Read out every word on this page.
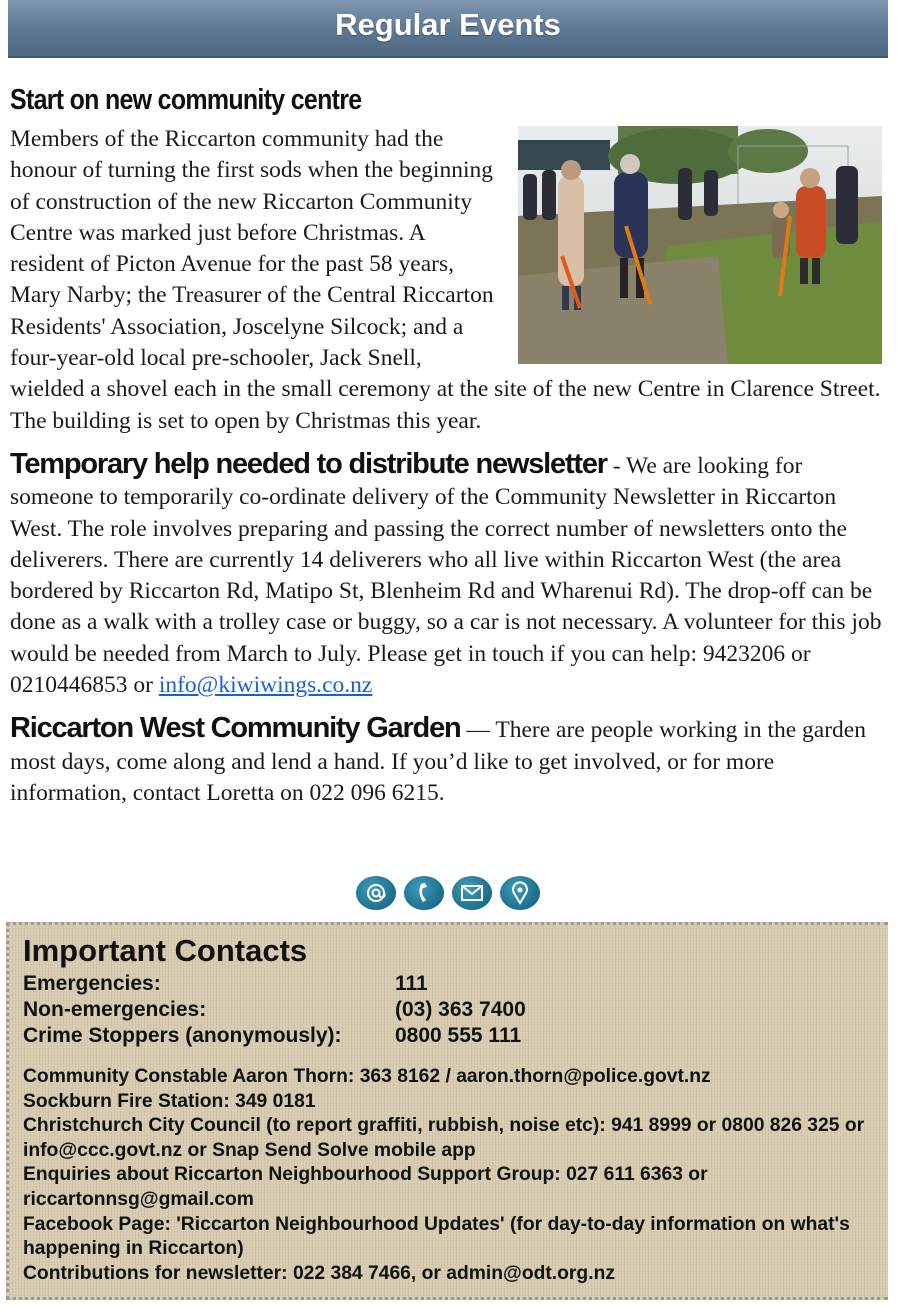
Regular Events
Start on new community centre

Members of the Riccarton community had the honour of turning the first sods when the beginning of construction of the new Riccarton Community Centre was marked just before Christmas. A resident of Picton Avenue for the past 58 years, Mary Narby; the Treasurer of the Central Riccarton Residents' Association, Joscelyne Silcock; and a four-year-old local pre-schooler, Jack Snell, wielded a shovel each in the small ceremony at the site of the new Centre in Clarence Street. The building is set to open by Christmas this year.

Temporary help needed to distribute newsletter - We are looking for someone to temporarily co-ordinate delivery of the Community Newsletter in Riccarton West. The role involves preparing and passing the correct number of newsletters onto the deliverers. There are currently 14 deliverers who all live within Riccarton West (the area bordered by Riccarton Rd, Matipo St, Blenheim Rd and Wharenui Rd). The drop-off can be done as a walk with a trolley case or buggy, so a car is not necessary. A volunteer for this job would be needed from March to July. Please get in touch if you can help: 9423206 or 0210446853 or info@kiwiwings.co.nz

Riccarton West Community Garden — There are people working in the garden most days, come along and lend a hand. If you’d like to get involved, or for more information, contact Loretta on 022 096 6215.

Important Contacts
Emergencies:	111
Non-emergencies:	(03) 363 7400
Crime Stoppers (anonymously):	0800 555 111
Community Constable Aaron Thorn: 363 8162 / aaron.thorn@police.govt.nz
Sockburn Fire Station: 349 0181
Christchurch City Council (to report graffiti, rubbish, noise etc): 941 8999 or 0800 826 325 or info@ccc.govt.nz or Snap Send Solve mobile app
Enquiries about Riccarton Neighbourhood Support Group: 027 611 6363 or riccartonnsg@gmail.com
Facebook Page: 'Riccarton Neighbourhood Updates' (for day-to-day information on what's happening in Riccarton)
Contributions for newsletter: 022 384 7466, or admin@odt.org.nz
